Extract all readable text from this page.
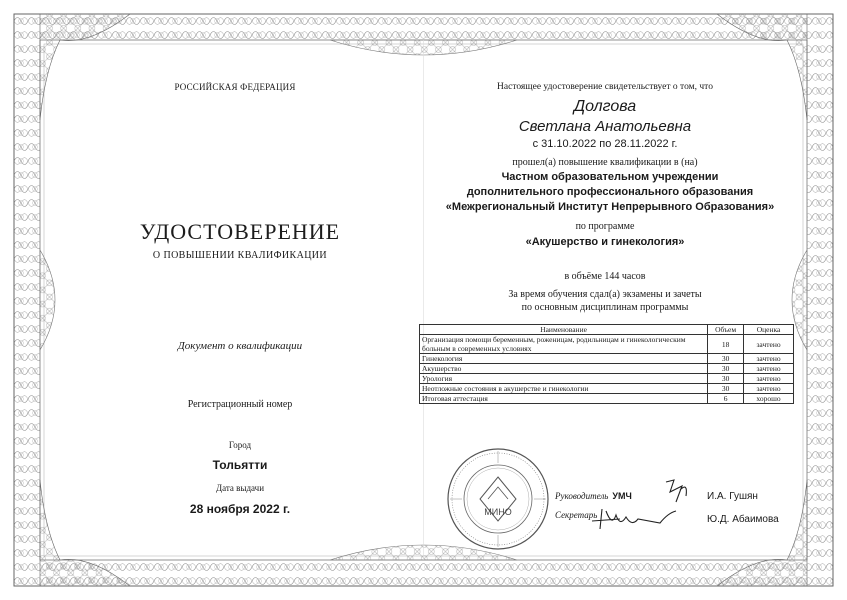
РОССИЙСКАЯ ФЕДЕРАЦИЯ
УДОСТОВЕРЕНИЕ
О ПОВЫШЕНИИ КВАЛИФИКАЦИИ
Документ о квалификации
Регистрационный номер
Город
Тольятти
Дата выдачи
28 ноября 2022 г.
Настоящее удостоверение свидетельствует о том, что
Долгова
Светлана Анатольевна
с 31.10.2022 по 28.11.2022 г.
прошел(а) повышение квалификации в (на)
Частном образовательном учреждении
дополнительного профессионального образования
«Межрегиональный Институт Непрерывного Образования»
по программе
«Акушерство и гинекология»
в объёме 144 часов
За время обучения сдал(а) экзамены и зачеты
по основным дисциплинам программы
Наименование	Объем	Оценка
Организация помощи беременным, роженицам, родильницам и гинекологическим больным в современных условиях	18	зачтено
Гинекология	30	зачтено
Акушерство	30	зачтено
Урология	30	зачтено
Неотложные состояния в акушерстве и гинекологии	30	зачтено
Итоговая аттестация	6	хорошо
МИНО
Руководитель УМЧ	И.А. Гушян
Секретарь	Ю.Д. Абаимова
